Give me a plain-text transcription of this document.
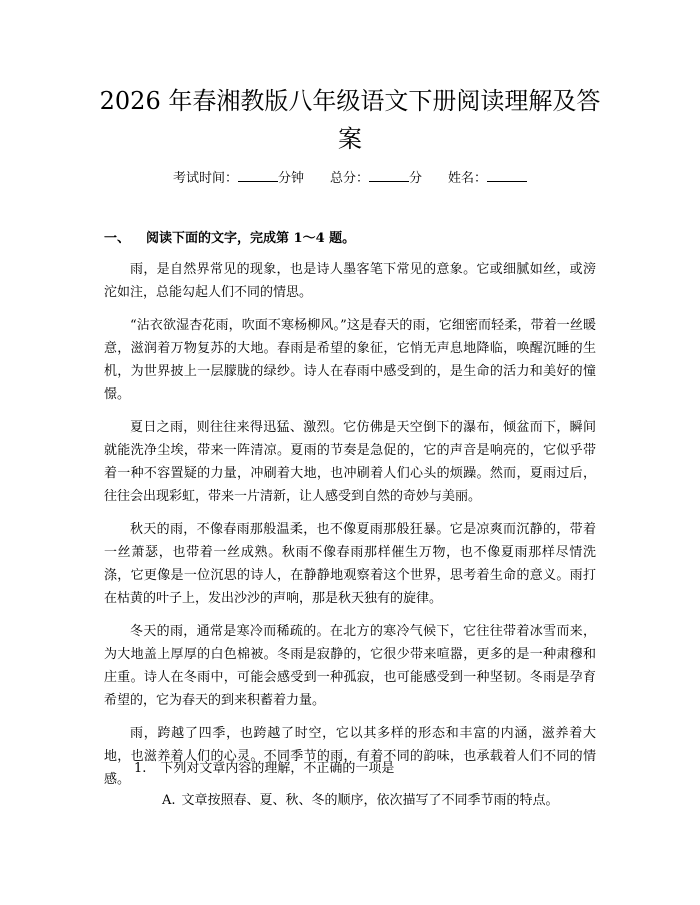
2026 年春湘教版八年级语文下册阅读理解及答案
考试时间：	分钟 总分：	分 姓名：
一、 阅读下面的文字，完成第 1～4 题。

雨，是自然界常见的现象，也是诗人墨客笔下常见的意象。它或细腻如丝，或滂沱如注，总能勾起人们不同的情思。

“沾衣欲湿杏花雨，吹面不寒杨柳风。”这是春天的雨，它细密而轻柔，带着一丝暖意，滋润着万物复苏的大地。春雨是希望的象征，它悄无声息地降临，唤醒沉睡的生机，为世界披上一层朦胧的绿纱。诗人在春雨中感受到的，是生命的活力和美好的憧憬。

夏日之雨，则往往来得迅猛、激烈。它仿佛是天空倒下的瀑布，倾盆而下，瞬间就能洗净尘埃，带来一阵清凉。夏雨的节奏是急促的，它的声音是响亮的，它似乎带着一种不容置疑的力量，冲刷着大地，也冲刷着人们心头的烦躁。然而，夏雨过后，往往会出现彩虹，带来一片清新，让人感受到自然的奇妙与美丽。

秋天的雨，不像春雨那般温柔，也不像夏雨那般狂暴。它是凉爽而沉静的，带着一丝萧瑟，也带着一丝成熟。秋雨不像春雨那样催生万物，也不像夏雨那样尽情洗涤，它更像是一位沉思的诗人，在静静地观察着这个世界，思考着生命的意义。雨打在枯黄的叶子上，发出沙沙的声响，那是秋天独有的旋律。

冬天的雨，通常是寒冷而稀疏的。在北方的寒冷气候下，它往往带着冰雪而来，为大地盖上厚厚的白色棉被。冬雨是寂静的，它很少带来喧嚣，更多的是一种肃穆和庄重。诗人在冬雨中，可能会感受到一种孤寂，也可能感受到一种坚韧。冬雨是孕育希望的，它为春天的到来积蓄着力量。

雨，跨越了四季，也跨越了时空，它以其多样的形态和丰富的内涵，滋养着大地，也滋养着人们的心灵。不同季节的雨，有着不同的韵味，也承载着人们不同的情感。

1. 下列对文章内容的理解，不正确的一项是
A. 文章按照春、夏、秋、冬的顺序，依次描写了不同季节雨的特点。
